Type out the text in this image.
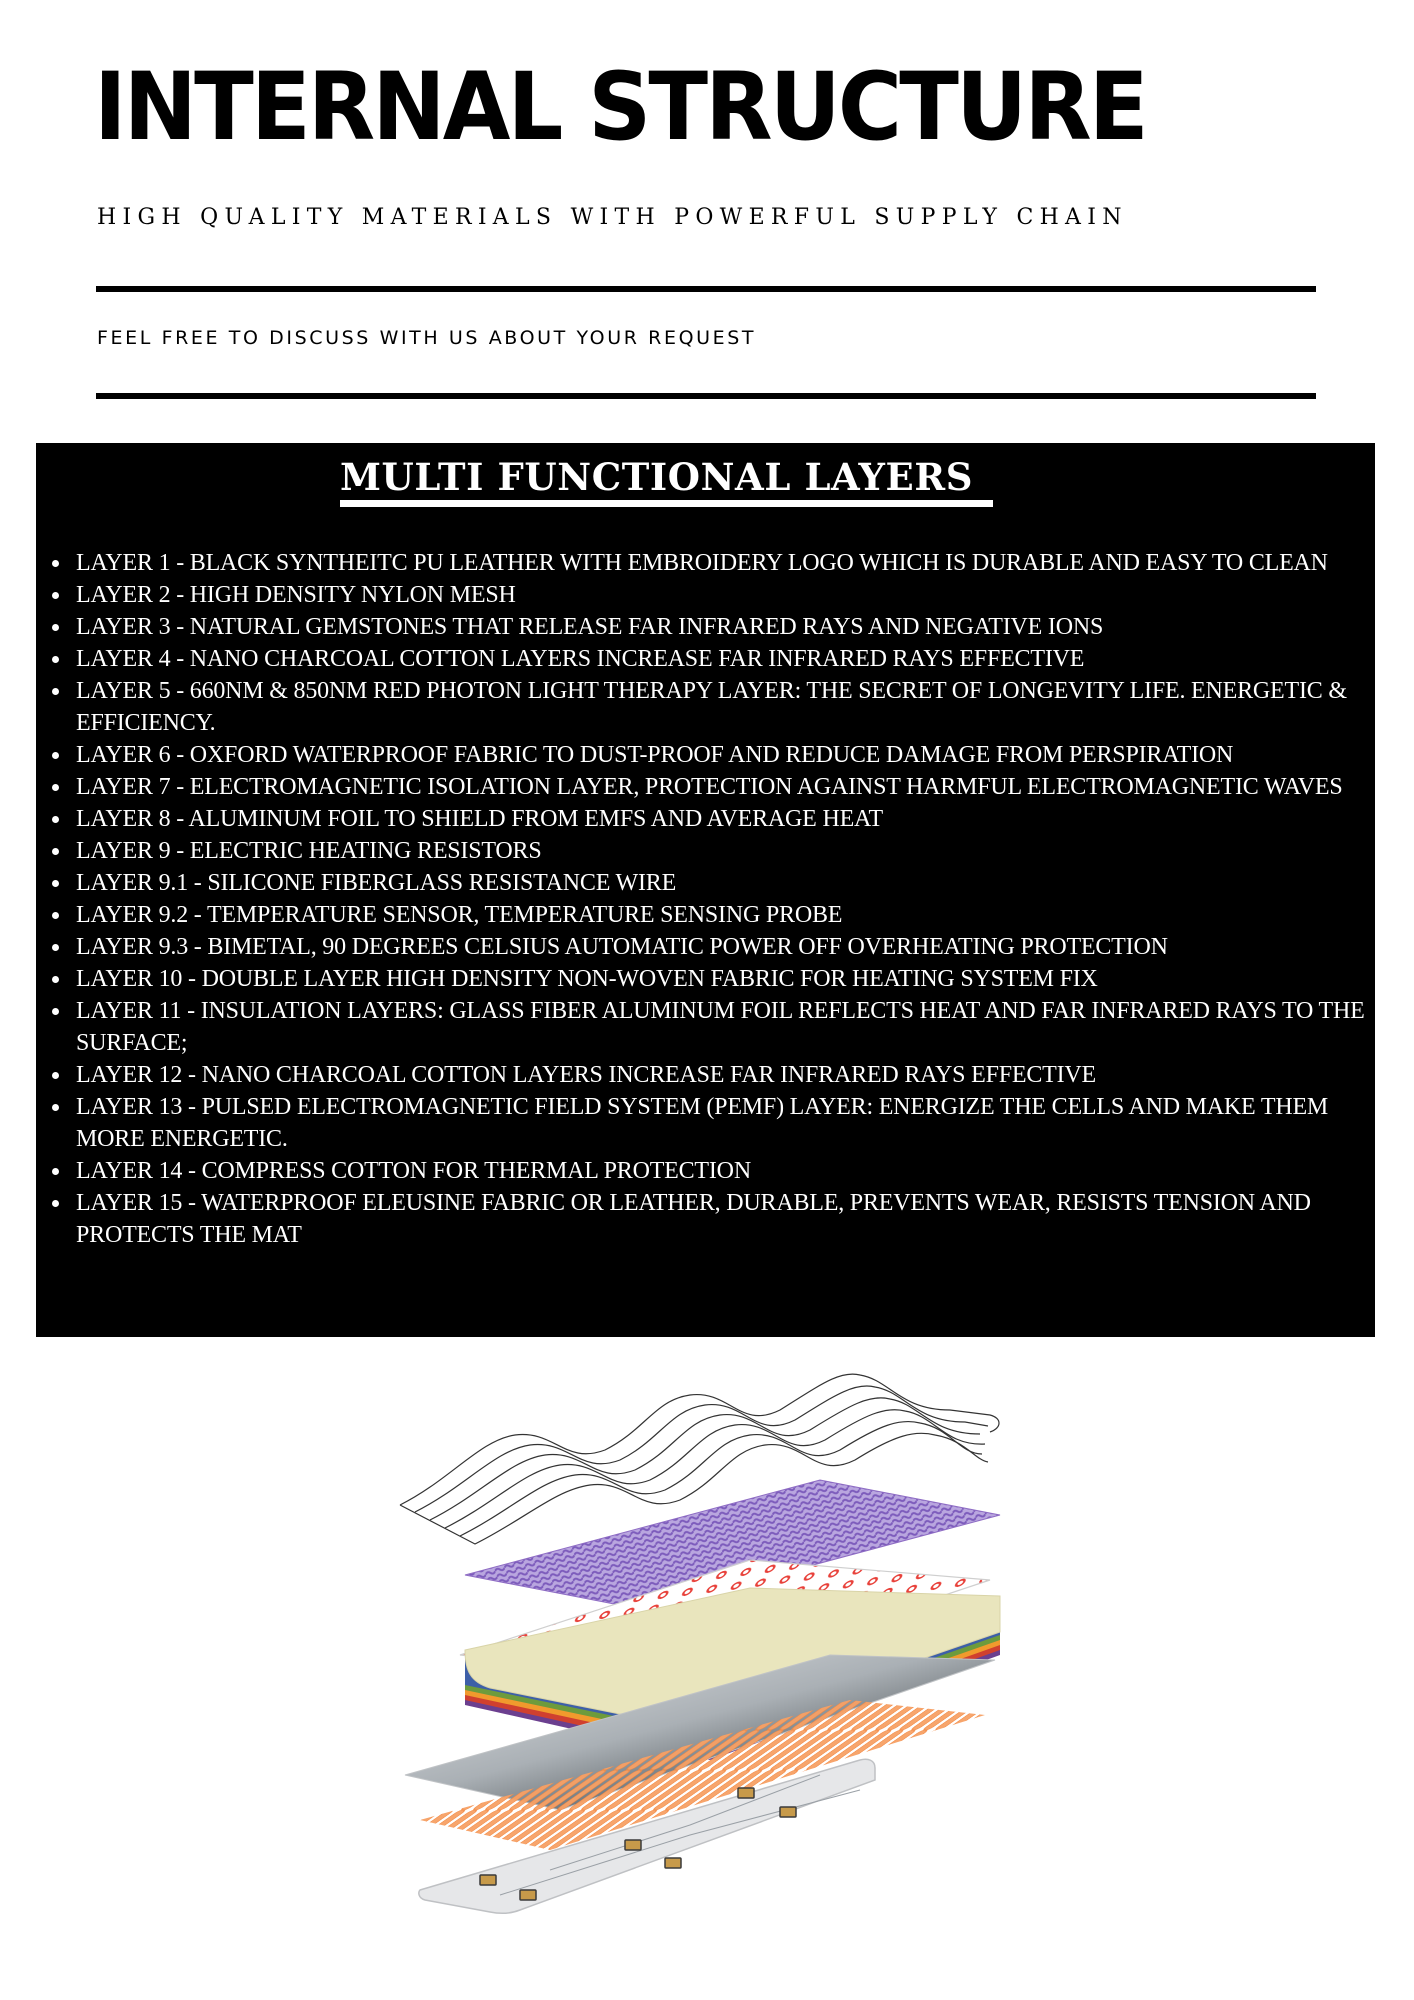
INTERNAL STRUCTURE

HIGH QUALITY MATERIALS WITH POWERFUL SUPPLY CHAIN

FEEL FREE TO DISCUSS WITH US ABOUT YOUR REQUEST

MULTI FUNCTIONAL LAYERS
LAYER 1 - BLACK SYNTHEITC PU LEATHER WITH EMBROIDERY LOGO WHICH IS DURABLE AND EASY TO CLEAN
LAYER 2 - HIGH DENSITY NYLON MESH
LAYER 3 - NATURAL GEMSTONES THAT RELEASE FAR INFRARED RAYS AND NEGATIVE IONS
LAYER 4 - NANO CHARCOAL COTTON LAYERS INCREASE FAR INFRARED RAYS EFFECTIVE
LAYER 5 - 660NM & 850NM RED PHOTON LIGHT THERAPY LAYER: THE SECRET OF LONGEVITY LIFE. ENERGETIC & EFFICIENCY.
LAYER 6 - OXFORD WATERPROOF FABRIC TO DUST-PROOF AND REDUCE DAMAGE FROM PERSPIRATION
LAYER 7 - ELECTROMAGNETIC ISOLATION LAYER, PROTECTION AGAINST HARMFUL ELECTROMAGNETIC WAVES
LAYER 8 - ALUMINUM FOIL TO SHIELD FROM EMFS AND AVERAGE HEAT
LAYER 9 - ELECTRIC HEATING RESISTORS
LAYER 9.1 - SILICONE FIBERGLASS RESISTANCE WIRE
LAYER 9.2 - TEMPERATURE SENSOR, TEMPERATURE SENSING PROBE
LAYER 9.3 - BIMETAL, 90 DEGREES CELSIUS AUTOMATIC POWER OFF OVERHEATING PROTECTION
LAYER 10 - DOUBLE LAYER HIGH DENSITY NON-WOVEN FABRIC FOR HEATING SYSTEM FIX
LAYER 11 - INSULATION LAYERS: GLASS FIBER ALUMINUM FOIL REFLECTS HEAT AND FAR INFRARED RAYS TO THE SURFACE;
LAYER 12 - NANO CHARCOAL COTTON LAYERS INCREASE FAR INFRARED RAYS EFFECTIVE
LAYER 13 - PULSED ELECTROMAGNETIC FIELD SYSTEM (PEMF) LAYER: ENERGIZE THE CELLS AND MAKE THEM MORE ENERGETIC.
LAYER 14 - COMPRESS COTTON FOR THERMAL PROTECTION
LAYER 15 - WATERPROOF ELEUSINE FABRIC OR LEATHER, DURABLE, PREVENTS WEAR, RESISTS TENSION AND PROTECTS THE MAT
